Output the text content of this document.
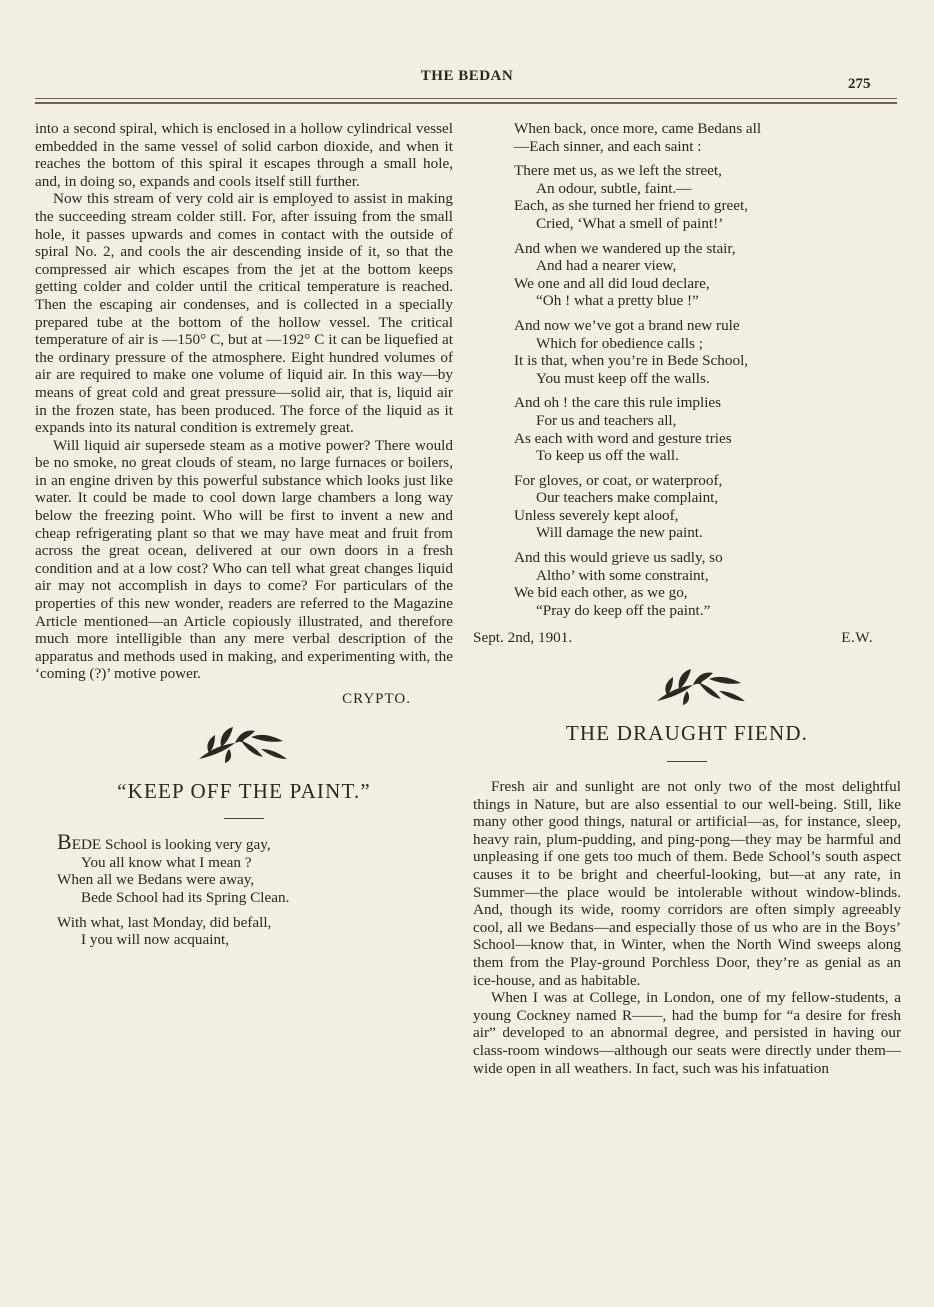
THE BEDAN	275

into a second spiral, which is enclosed in a hollow cylindrical vessel embedded in the same vessel of solid carbon dioxide, and when it reaches the bottom of this spiral it escapes through a small hole, and, in doing so, expands and cools itself still further.

Now this stream of very cold air is employed to assist in making the succeeding stream colder still. For, after issuing from the small hole, it passes upwards and comes in contact with the outside of spiral No. 2, and cools the air descending inside of it, so that the compressed air which escapes from the jet at the bottom keeps getting colder and colder until the critical temperature is reached. Then the escaping air condenses, and is collected in a specially prepared tube at the bottom of the hollow vessel. The critical temperature of air is —150° C, but at —192° C it can be liquefied at the ordinary pressure of the atmosphere. Eight hundred volumes of air are required to make one volume of liquid air. In this way—by means of great cold and great pressure—solid air, that is, liquid air in the frozen state, has been produced. The force of the liquid as it expands into its natural condition is extremely great.

Will liquid air supersede steam as a motive power? There would be no smoke, no great clouds of steam, no large furnaces or boilers, in an engine driven by this powerful substance which looks just like water. It could be made to cool down large chambers a long way below the freezing point. Who will be first to invent a new and cheap refrigerating plant so that we may have meat and fruit from across the great ocean, delivered at our own doors in a fresh condition and at a low cost? Who can tell what great changes liquid air may not accomplish in days to come? For particulars of the properties of this new wonder, readers are referred to the Magazine Article mentioned—an Article copiously illustrated, and therefore much more intelligible than any mere verbal description of the apparatus and methods used in making, and experimenting with, the ‘coming (?)’ motive power.

CRYPTO.
“KEEP OFF THE PAINT.”
BEDE School is looking very gay,
You all know what I mean ?
When all we Bedans were away,
Bede School had its Spring Clean.
With what, last Monday, did befall,
I you will now acquaint,
When back, once more, came Bedans all
—Each sinner, and each saint :
There met us, as we left the street,
An odour, subtle, faint.—
Each, as she turned her friend to greet,
Cried, ‘What a smell of paint!’
And when we wandered up the stair,
And had a nearer view,
We one and all did loud declare,
“Oh ! what a pretty blue !”
And now we’ve got a brand new rule
Which for obedience calls ;
It is that, when you’re in Bede School,
You must keep off the walls.
And oh ! the care this rule implies
For us and teachers all,
As each with word and gesture tries
To keep us off the wall.
For gloves, or coat, or waterproof,
Our teachers make complaint,
Unless severely kept aloof,
Will damage the new paint.
And this would grieve us sadly, so
Altho’ with some constraint,
We bid each other, as we go,
“Pray do keep off the paint.”
Sept. 2nd, 1901.	E.W.
THE DRAUGHT FIEND.

Fresh air and sunlight are not only two of the most delightful things in Nature, but are also essential to our well-being. Still, like many other good things, natural or artificial—as, for instance, sleep, heavy rain, plum-pudding, and ping-pong—they may be harmful and unpleasing if one gets too much of them. Bede School’s south aspect causes it to be bright and cheerful-looking, but—at any rate, in Summer—the place would be intolerable without window-blinds. And, though its wide, roomy corridors are often simply agreeably cool, all we Bedans—and especially those of us who are in the Boys’ School—know that, in Winter, when the North Wind sweeps along them from the Play-ground Porchless Door, they’re as genial as an ice-house, and as habitable.

When I was at College, in London, one of my fellow-students, a young Cockney named R——, had the bump for “a desire for fresh air” developed to an abnormal degree, and persisted in having our class-room windows—although our seats were directly under them—wide open in all weathers. In fact, such was his infatuation
